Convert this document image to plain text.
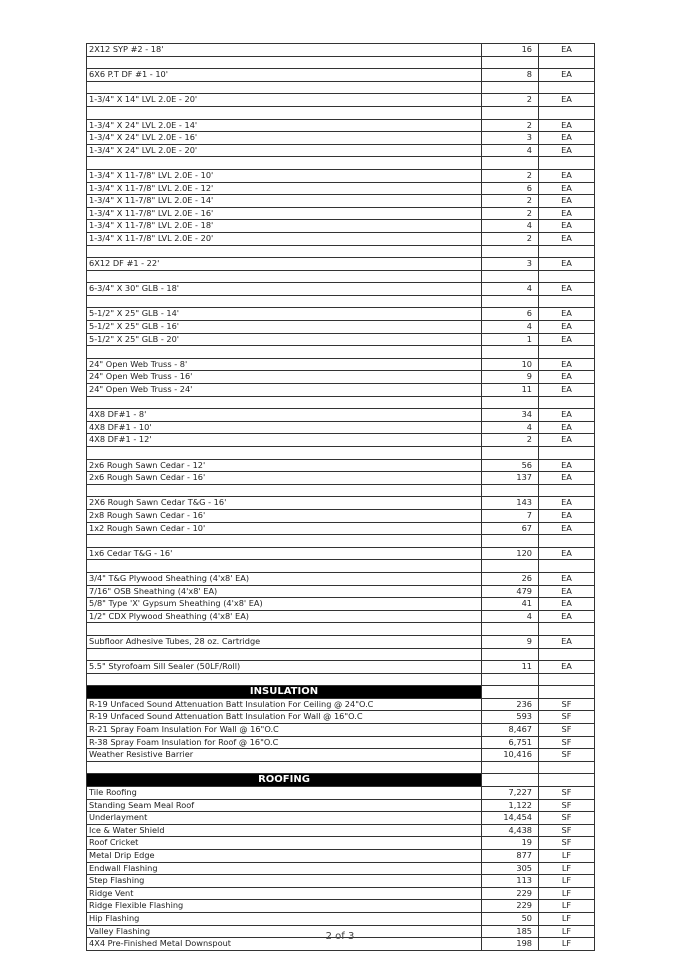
2X12 SYP #2 - 18'	16	EA

6X6 P.T DF #1 - 10'	8	EA

1-3/4" X 14" LVL 2.0E - 20'	2	EA

1-3/4" X 24" LVL 2.0E - 14'	2	EA
1-3/4" X 24" LVL 2.0E - 16'	3	EA
1-3/4" X 24" LVL 2.0E - 20'	4	EA

1-3/4" X 11-7/8" LVL 2.0E - 10'	2	EA
1-3/4" X 11-7/8" LVL 2.0E - 12'	6	EA
1-3/4" X 11-7/8" LVL 2.0E - 14'	2	EA
1-3/4" X 11-7/8" LVL 2.0E - 16'	2	EA
1-3/4" X 11-7/8" LVL 2.0E - 18'	4	EA
1-3/4" X 11-7/8" LVL 2.0E - 20'	2	EA

6X12 DF #1 - 22'	3	EA

6-3/4" X 30" GLB - 18'	4	EA

5-1/2" X 25" GLB - 14'	6	EA
5-1/2" X 25" GLB - 16'	4	EA
5-1/2" X 25" GLB - 20'	1	EA

24" Open Web Truss - 8'	10	EA
24" Open Web Truss - 16'	9	EA
24" Open Web Truss - 24'	11	EA

4X8 DF#1 - 8'	34	EA
4X8 DF#1 - 10'	4	EA
4X8 DF#1 - 12'	2	EA

2x6 Rough Sawn Cedar - 12'	56	EA
2x6 Rough Sawn Cedar - 16'	137	EA

2X6 Rough Sawn Cedar T&G - 16'	143	EA
2x8 Rough Sawn Cedar - 16'	7	EA
1x2 Rough Sawn Cedar - 10'	67	EA

1x6 Cedar T&G - 16'	120	EA

3/4" T&G Plywood Sheathing (4'x8' EA)	26	EA
7/16" OSB Sheathing (4'x8' EA)	479	EA
5/8" Type 'X' Gypsum Sheathing (4'x8' EA)	41	EA
1/2" CDX Plywood Sheathing (4'x8' EA)	4	EA

Subfloor Adhesive Tubes, 28 oz. Cartridge	9	EA

5.5" Styrofoam Sill Sealer (50LF/Roll)	11	EA

INSULATION		
R-19 Unfaced Sound Attenuation Batt Insulation For Ceiling @ 24"O.C	236	SF
R-19 Unfaced Sound Attenuation Batt Insulation For Wall @ 16"O.C	593	SF
R-21 Spray Foam Insulation For Wall @ 16"O.C	8,467	SF
R-38 Spray Foam Insulation for Roof @ 16"O.C	6,751	SF
Weather Resistive Barrier	10,416	SF

ROOFING		
Tile Roofing	7,227	SF
Standing Seam Meal Roof	1,122	SF
Underlayment	14,454	SF
Ice & Water Shield	4,438	SF
Roof Cricket	19	SF
Metal Drip Edge	877	LF
Endwall Flashing	305	LF
Step Flashing	113	LF
Ridge Vent	229	LF
Ridge Flexible Flashing	229	LF
Hip Flashing	50	LF
Valley Flashing	185	LF
4X4 Pre-Finished Metal Downspout	198	LF
2 of 3
